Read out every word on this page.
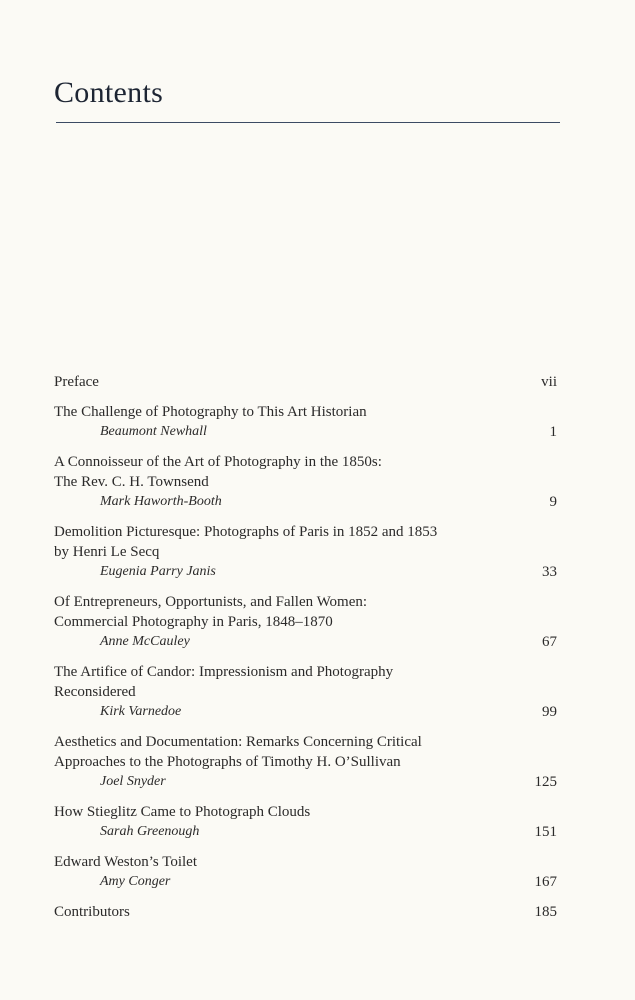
Contents
Preface	vii
The Challenge of Photography to This Art Historian
Beaumont Newhall	1
A Connoisseur of the Art of Photography in the 1850s:
The Rev. C. H. Townsend
Mark Haworth-Booth	9
Demolition Picturesque: Photographs of Paris in 1852 and 1853
by Henri Le Secq
Eugenia Parry Janis	33
Of Entrepreneurs, Opportunists, and Fallen Women:
Commercial Photography in Paris, 1848–1870
Anne McCauley	67
The Artifice of Candor: Impressionism and Photography
Reconsidered
Kirk Varnedoe	99
Aesthetics and Documentation: Remarks Concerning Critical
Approaches to the Photographs of Timothy H. O’Sullivan
Joel Snyder	125
How Stieglitz Came to Photograph Clouds
Sarah Greenough	151
Edward Weston’s Toilet
Amy Conger	167
Contributors	185
